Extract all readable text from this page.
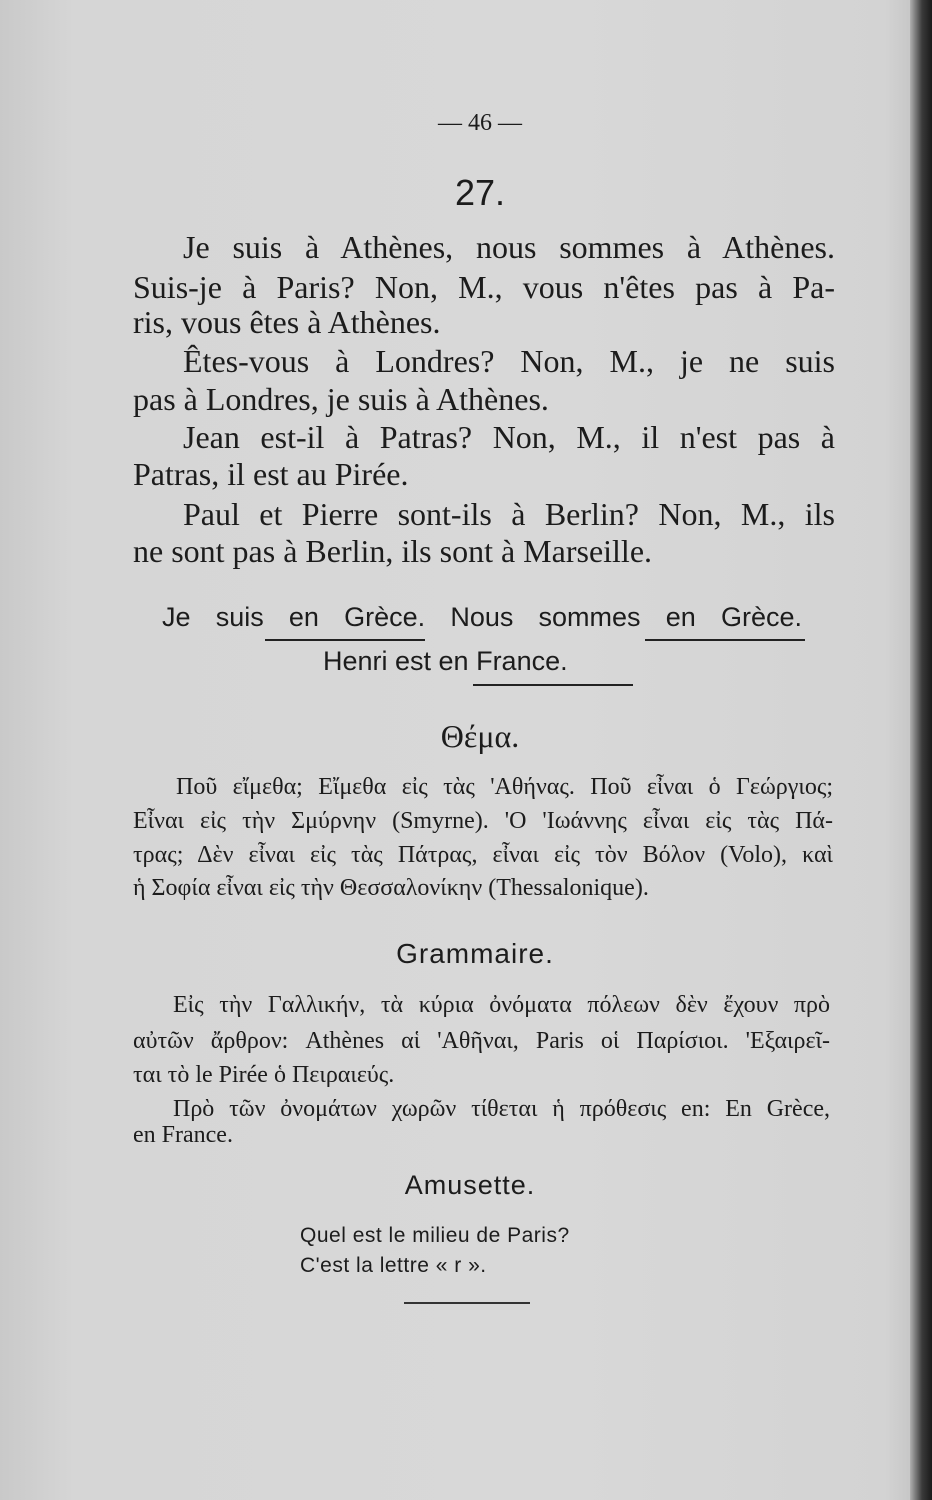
— 46 —
27.
Je suis à Athènes, nous sommes à Athènes.
Suis-je à Paris? Non, M., vous n'êtes pas à Pa-
ris, vous êtes à Athènes.
Êtes-vous à Londres? Non, M., je ne suis
pas à Londres, je suis à Athènes.
Jean est-il à Patras? Non, M., il n'est pas à
Patras, il est au Pirée.
Paul et Pierre sont-ils à Berlin? Non, M., ils
ne sont pas à Berlin, ils sont à Marseille.
Je suis en Grèce. Nous sommes en Grèce.
Henri est en France.
Θέμα.
Ποῦ εἴμεθα; Εἴμεθα εἰς τὰς 'Αθήνας. Ποῦ εἶναι ὁ Γεώργιος;
Εἶναι εἰς τὴν Σμύρνην (Smyrne). 'Ο 'Ιωάννης εἶναι εἰς τὰς Πά-
τρας; Δὲν εἶναι εἰς τὰς Πάτρας, εἶναι εἰς τὸν Βόλον (Volo), καὶ
ἡ Σοφία εἶναι εἰς τὴν Θεσσαλονίκην (Thessalonique).
Grammaire.
Εἰς τὴν Γαλλικήν, τὰ κύρια ὀνόματα πόλεων δὲν ἔχουν πρὸ
αὐτῶν ἄρθρον: Athènes αἱ 'Αθῆναι, Paris οἱ Παρίσιοι. 'Εξαιρεῖ-
ται τὸ le Pirée ὁ Πειραιεύς.
Πρὸ τῶν ὀνομάτων χωρῶν τίθεται ἡ πρόθεσις en: En Grèce,
en France.
Amusette.
Quel est le milieu de Paris?
C'est la lettre « r ».
